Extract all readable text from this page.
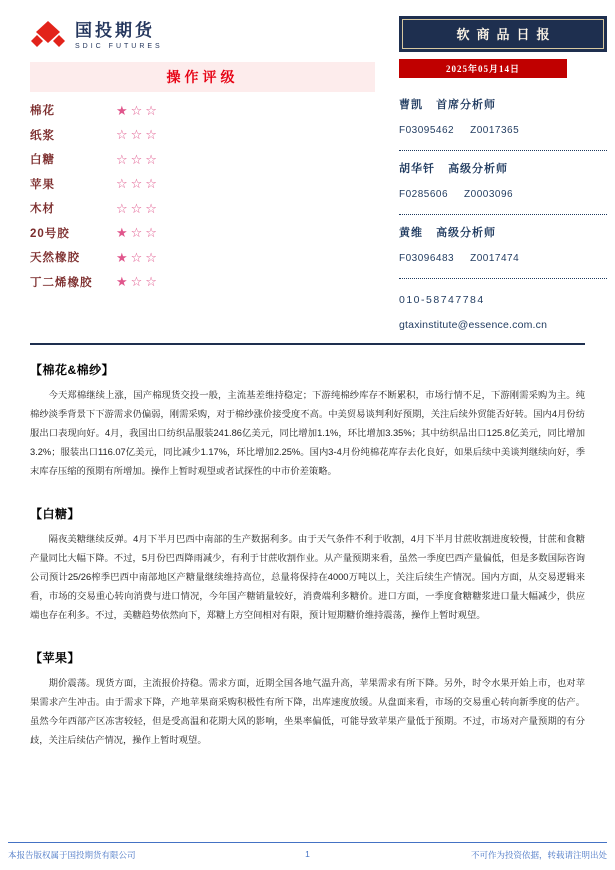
国投期货
SDIC FUTURES
操作评级
棉花	★☆☆
纸浆	☆☆☆
白糖	☆☆☆
苹果	☆☆☆
木材	☆☆☆
20号胶	★☆☆
天然橡胶	★☆☆
丁二烯橡胶	★☆☆
软商品日报
2025年05月14日
曹凯 首席分析师
F03095462 Z0017365
胡华钎 高级分析师
F0285606 Z0003096
黄维 高级分析师
F03096483 Z0017474
010-58747784
gtaxinstitute@essence.com.cn
【棉花&棉纱】

今天郑棉继续上涨，国产棉现货交投一般，主流基差维持稳定；下游纯棉纱库存不断累积，市场行情不足，下游刚需采购为主。纯棉纱淡季背景下下游需求仍偏弱，刚需采购，对于棉纱涨价接受度不高。中美贸易谈判利好预期，关注后续外贸能否好转。国内4月份纺服出口表现向好。4月，我国出口纺织品服装241.86亿美元，同比增加1.1%，环比增加3.35%；其中纺织品出口125.8亿美元，同比增加3.2%；服装出口116.07亿美元，同比减少1.17%，环比增加2.25%。国内3-4月份纯棉花库存去化良好，如果后续中美谈判继续向好，季末库存压缩的预期有所增加。操作上暂时观望或者试探性的中市价差策略。

【白糖】

隔夜美糖继续反弹。4月下半月巴西中南部的生产数据利多。由于天气条件不利于收割，4月下半月甘蔗收割进度较慢，甘蔗和食糖产量同比大幅下降。不过，5月份巴西降雨减少，有利于甘蔗收割作业。从产量预期来看，虽然一季度巴西产量偏低，但是多数国际咨询公司预计25/26榨季巴西中南部地区产糖量继续维持高位，总量将保持在4000万吨以上，关注后续生产情况。国内方面，从交易逻辑来看，市场的交易重心转向消费与进口情况，今年国产糖销量较好，消费端利多糖价。进口方面，一季度食糖糖浆进口量大幅减少，供应端也存在利多。不过，美糖趋势依然向下，郑糖上方空间相对有限，预计短期糖价维持震荡，操作上暂时观望。

【苹果】

期价震荡。现货方面，主流报价持稳。需求方面，近期全国各地气温升高，苹果需求有所下降。另外，时令水果开始上市，也对苹果需求产生冲击。由于需求下降，产地苹果商采购积极性有所下降，出库速度放缓。从盘面来看，市场的交易重心转向新季度的估产。虽然今年西部产区冻害较轻，但是受高温和花期大风的影响，坐果率偏低，可能导致苹果产量低于预期。不过，市场对产量预期的有分歧，关注后续估产情况，操作上暂时观望。

本报告版权属于国投期货有限公司	1	不可作为投资依据，转载请注明出处
